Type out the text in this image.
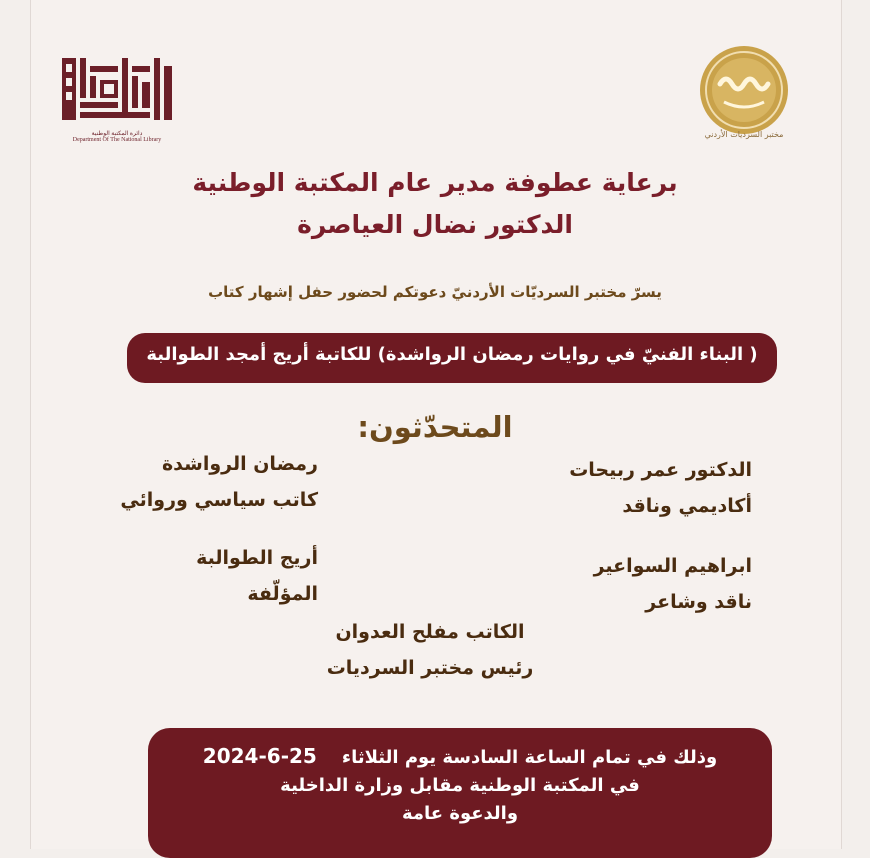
دائرة المكتبة الوطنية
Department Of The National Library
مختبر السرديات الأردني
برعاية عطوفة مدير عام المكتبة الوطنية
الدكتور نضال العياصرة
يسرّ مختبر السرديّات الأردنيّ دعوتكم لحضور حفل إشهار كتاب
( البناء الفنيّ في روايات رمضان الرواشدة) للكاتبة أريج أمجد الطوالبة
المتحدّثون:
الدكتور عمر ربيحات
أكاديمي وناقد
رمضان الرواشدة
كاتب سياسي وروائي
ابراهيم السواعير
ناقد وشاعر
أريج الطوالبة
المؤلّفة
الكاتب مفلح العدوان
رئيس مختبر السرديات
وذلك في تمام الساعة السادسة يوم الثلاثاء    25-6-2024
في المكتبة الوطنية مقابل وزارة الداخلية
والدعوة عامة
